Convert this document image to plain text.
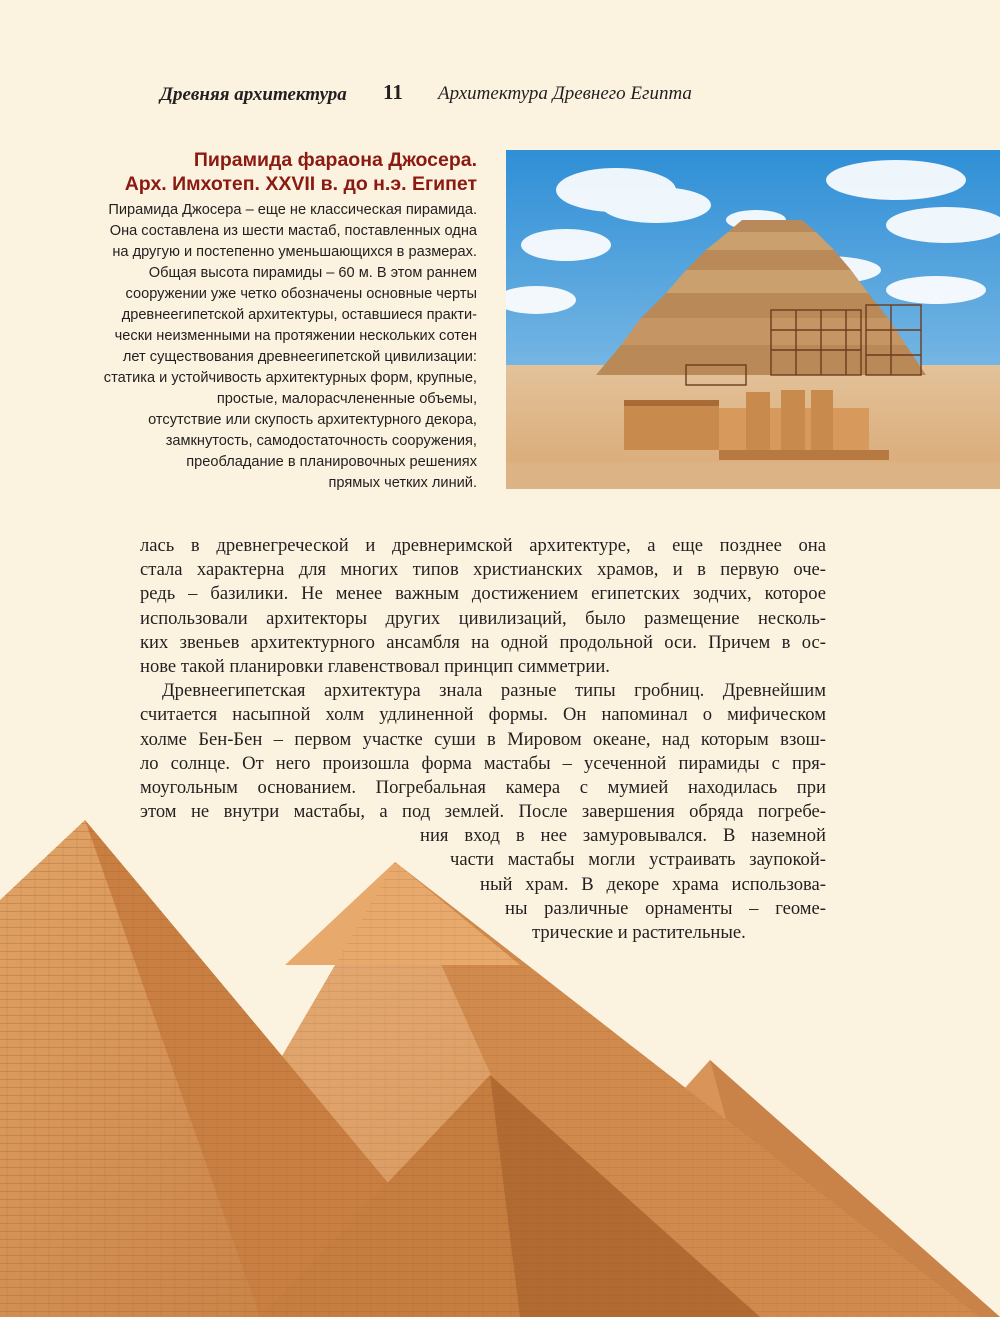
Древняя архитектура 11 Архитектура Древнего Египта
Пирамида фараона Джосера.
Арх. Имхотеп. XXVII в. до н.э. Египет
Пирамида Джосера – еще не классическая пирамида.
Она составлена из шести мастаб, поставленных одна
на другую и постепенно уменьшающихся в размерах.
Общая высота пирамиды – 60 м. В этом раннем
сооружении уже четко обозначены основные черты
древнеегипетской архитектуры, оставшиеся практи-
чески неизменными на протяжении нескольких сотен
лет существования древнеегипетской цивилизации:
статика и устойчивость архитектурных форм, крупные,
простые, малорасчлененные объемы,
отсутствие или скупость архитектурного декора,
замкнутость, самодостаточность сооружения,
преобладание в планировочных решениях
прямых четких линий.
лась в древнегреческой и древнеримской архитектуре, а еще позднее она
стала характерна для многих типов христианских храмов, и в первую оче-
редь – базилики. Не менее важным достижением египетских зодчих, которое
использовали архитекторы других цивилизаций, было размещение несколь-
ких звеньев архитектурного ансамбля на одной продольной оси. Причем в ос-
нове такой планировки главенствовал принцип симметрии.
Древнеегипетская архитектура знала разные типы гробниц. Древнейшим
считается насыпной холм удлиненной формы. Он напоминал о мифическом
холме Бен-Бен – первом участке суши в Мировом океане, над которым взош-
ло солнце. От него произошла форма мастабы – усеченной пирамиды с пря-
моугольным основанием. Погребальная камера с мумией находилась при
этом не внутри мастабы, а под землей. После завершения обряда погребе-
ния вход в нее замуровывался. В наземной
части мастабы могли устраивать заупокой-
ный храм. В декоре храма использова-
ны различные орнаменты – геоме-
трические и растительные.
